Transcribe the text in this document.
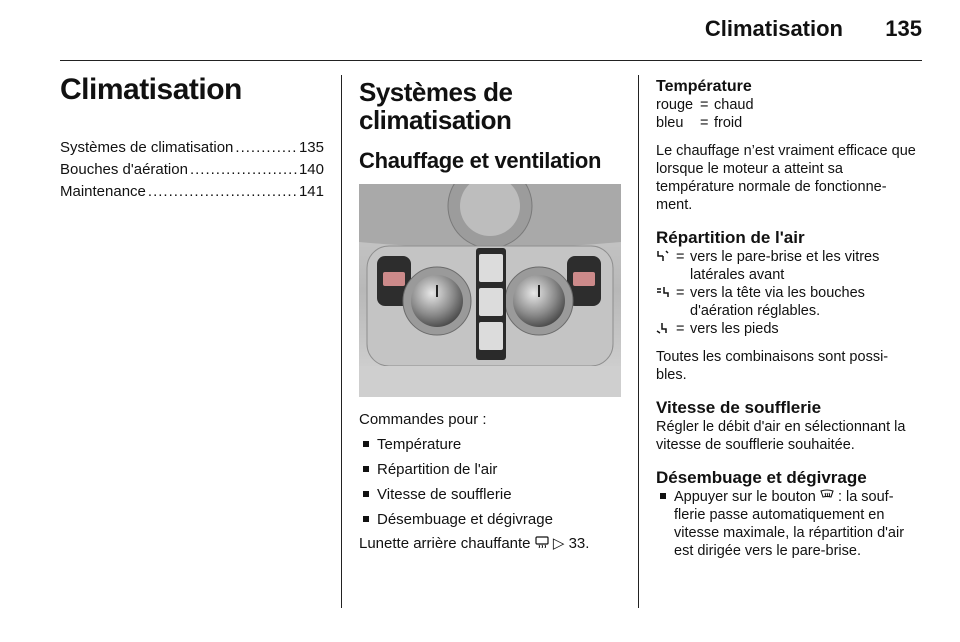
Climatisation 135
Climatisation
Systèmes de climatisation .....	135
Bouches d'aération .....	140
Maintenance .....	141
Systèmes de
climatisation
Chauffage et ventilation
Commandes pour :
Température
Répartition de l'air
Vitesse de soufflerie
Désembuage et dégivrage
Lunette arrière chauffante ▷ 33.
Température
rouge = chaud
bleu	= froid
Le chauffage n’est vraiment efficace que lorsque le moteur a atteint sa température normale de fonctionne-ment.
Répartition de l'air
= vers le pare-brise et les vitres latérales avant
= vers la tête via les bouches d'aération réglables.
= vers les pieds
Toutes les combinaisons sont possi-bles.
Vitesse de soufflerie
Régler le débit d'air en sélectionnant la vitesse de soufflerie souhaitée.
Désembuage et dégivrage
Appuyer sur le bouton : la souf-flerie passe automatiquement en vitesse maximale, la répartition d'air est dirigée vers le pare-brise.
